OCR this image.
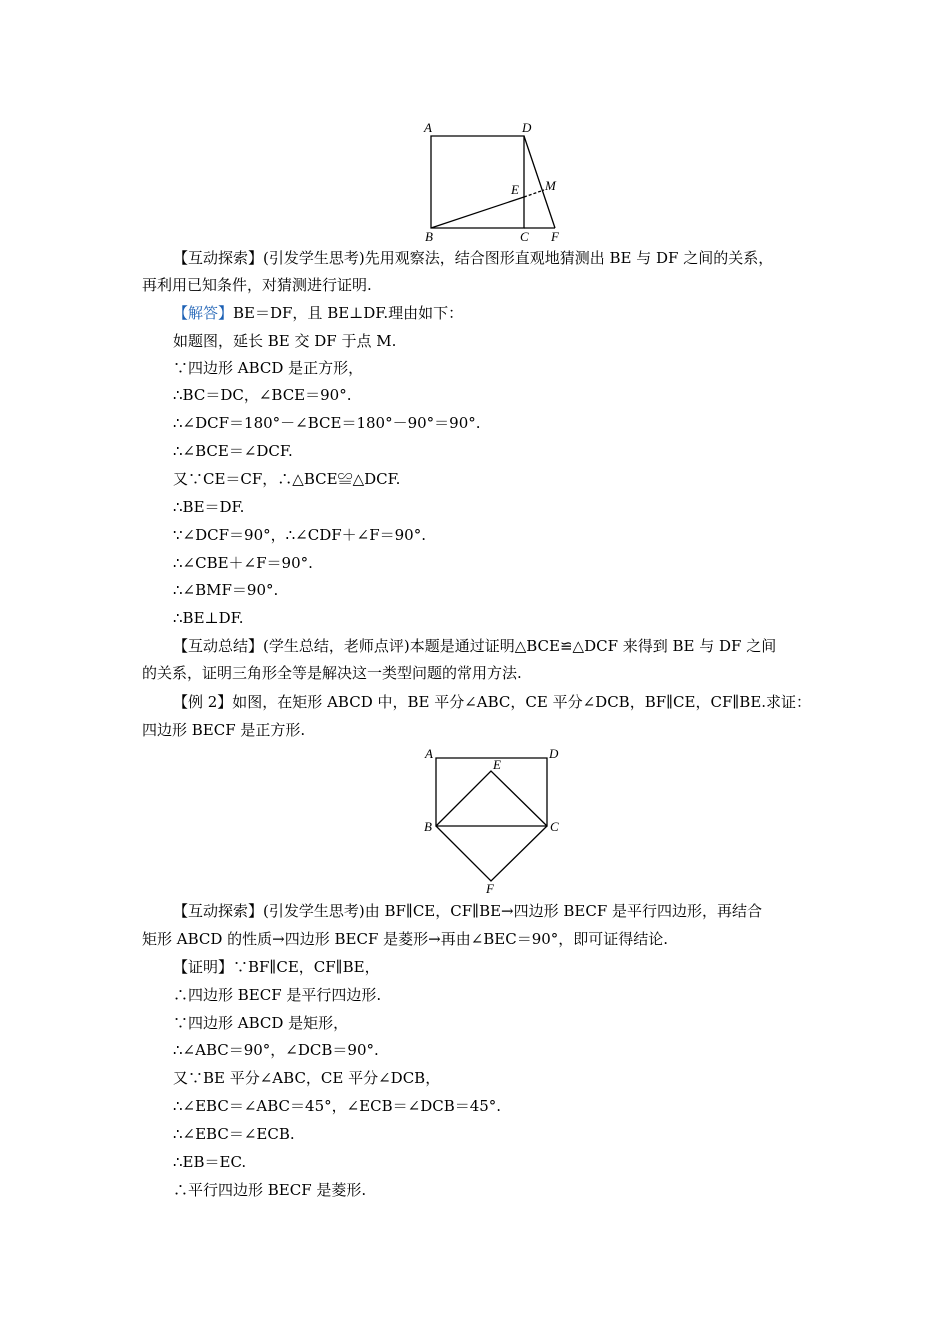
A	D
E M
B	C F
【互动探索】(引发学生思考)先用观察法，结合图形直观地猜测出 BE 与 DF 之间的关系，
再利用已知条件，对猜测进行证明.
【解答】BE＝DF，且 BE⊥DF.理由如下：
如题图，延长 BE 交 DF 于点 M.
∵四边形 ABCD 是正方形，
∴BC＝DC，∠BCE＝90°.
∴∠DCF＝180°－∠BCE＝180°－90°＝90°.
∴∠BCE＝∠DCF.
又∵CE＝CF，∴△BCE≌△DCF.
∴BE＝DF.
∵∠DCF＝90°，∴∠CDF＋∠F＝90°.
∴∠CBE＋∠F＝90°.
∴∠BMF＝90°.
∴BE⊥DF.
【互动总结】(学生总结，老师点评)本题是通过证明△BCE≌△DCF 来得到 BE 与 DF 之间
的关系，证明三角形全等是解决这一类型问题的常用方法.
【例 2】如图，在矩形 ABCD 中，BE 平分∠ABC，CE 平分∠DCB，BF∥CE，CF∥BE.求证：
四边形 BECF 是正方形.
A	D
E
B	C
F
【互动探索】(引发学生思考)由 BF∥CE，CF∥BE→四边形 BECF 是平行四边形，再结合
矩形 ABCD 的性质→四边形 BECF 是菱形→再由∠BEC＝90°，即可证得结论.
【证明】∵BF∥CE，CF∥BE，
∴四边形 BECF 是平行四边形.
∵四边形 ABCD 是矩形，
∴∠ABC＝90°，∠DCB＝90°.
又∵BE 平分∠ABC，CE 平分∠DCB，
∴∠EBC＝∠ABC＝45°，∠ECB＝∠DCB＝45°.
∴∠EBC＝∠ECB.
∴EB＝EC.
∴平行四边形 BECF 是菱形.
